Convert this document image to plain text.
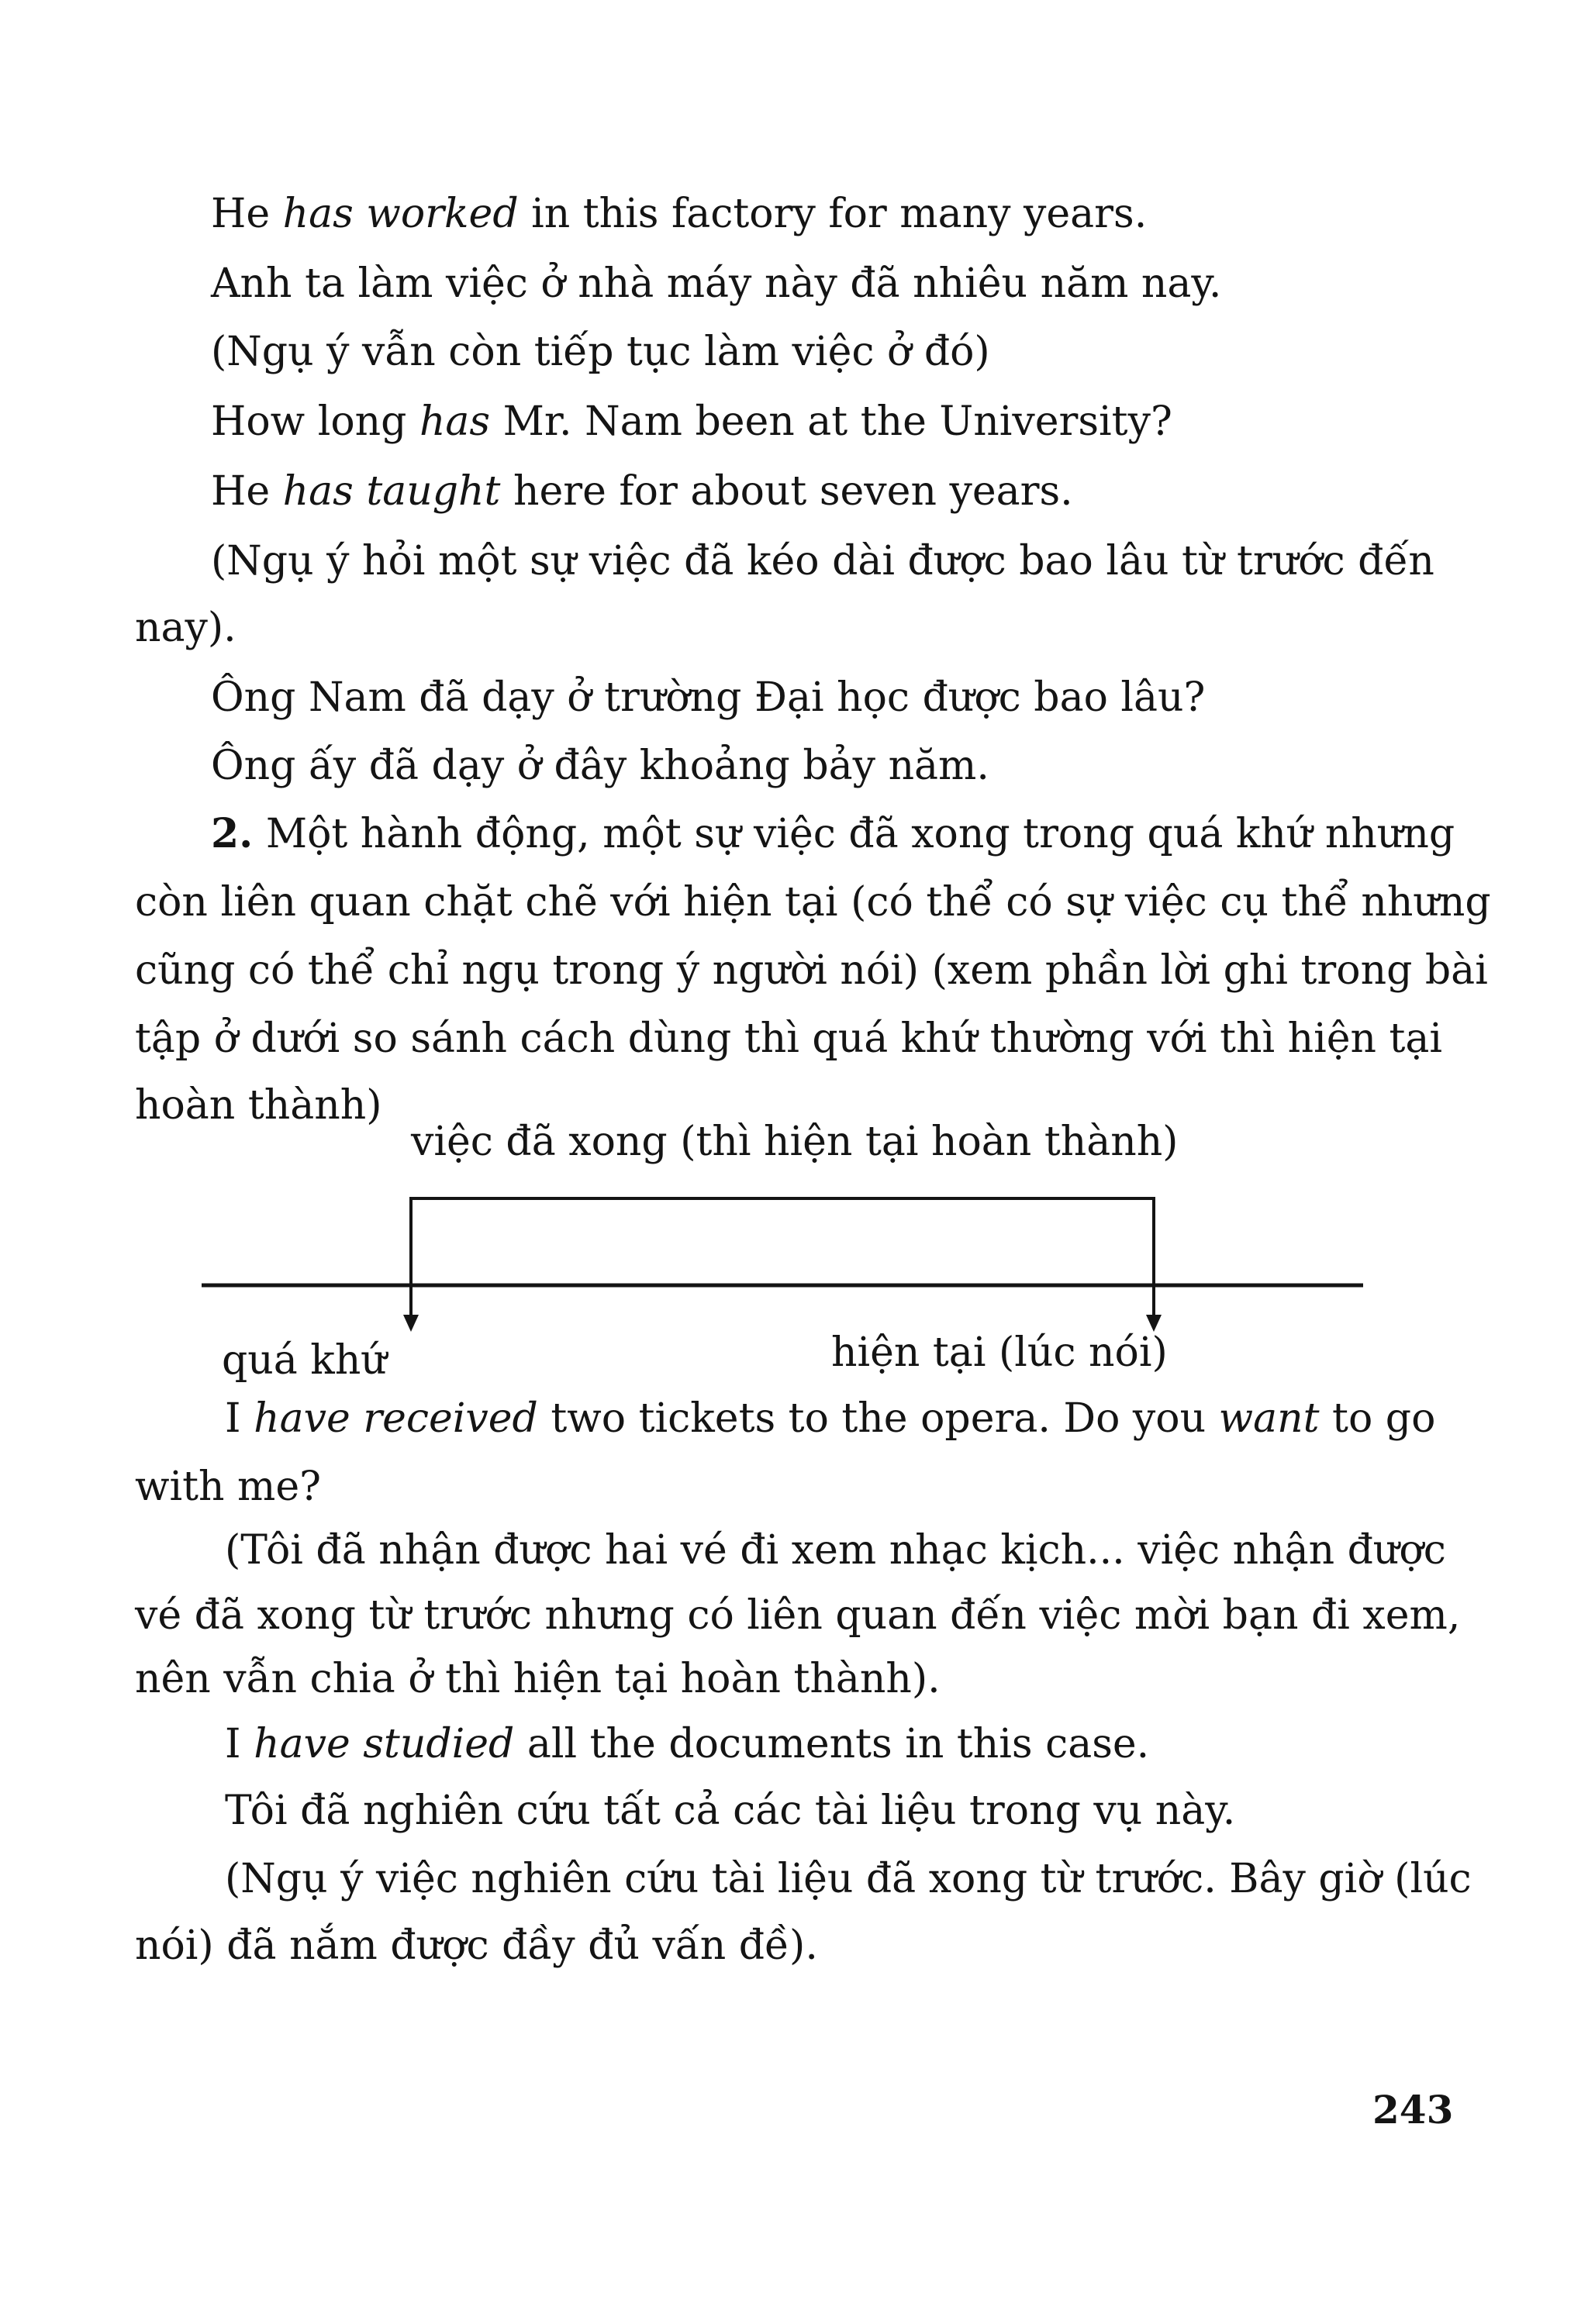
He has worked in this factory for many years.
Anh ta làm việc ở nhà máy này đã nhiêu năm nay.
(Ngụ ý vẫn còn tiếp tục làm việc ở đó)
How long has Mr. Nam been at the University?
He has taught here for about seven years.
(Ngụ ý hỏi một sự việc đã kéo dài được bao lâu từ trước đến
nay).
Ông Nam đã dạy ở trường Đại học được bao lâu?
Ông ấy đã dạy ở đây khoảng bảy năm.
2. Một hành động, một sự việc đã xong trong quá khứ nhưng
còn liên quan chặt chẽ với hiện tại (có thể có sự việc cụ thể nhưng
cũng có thể chỉ ngụ trong ý người nói) (xem phần lời ghi trong bài
tập ở dưới so sánh cách dùng thì quá khứ thường với thì hiện tại
hoàn thành)
việc đã xong (thì hiện tại hoàn thành)
quá khứ	hiện tại (lúc nói)
I have received two tickets to the opera. Do you want to go
with me?
(Tôi đã nhận được hai vé đi xem nhạc kịch... việc nhận được
vé đã xong từ trước nhưng có liên quan đến việc mời bạn đi xem,
nên vẫn chia ở thì hiện tại hoàn thành).
I have studied all the documents in this case.
Tôi đã nghiên cứu tất cả các tài liệu trong vụ này.
(Ngụ ý việc nghiên cứu tài liệu đã xong từ trước. Bây giờ (lúc
nói) đã nắm được đầy đủ vấn đề).
243
